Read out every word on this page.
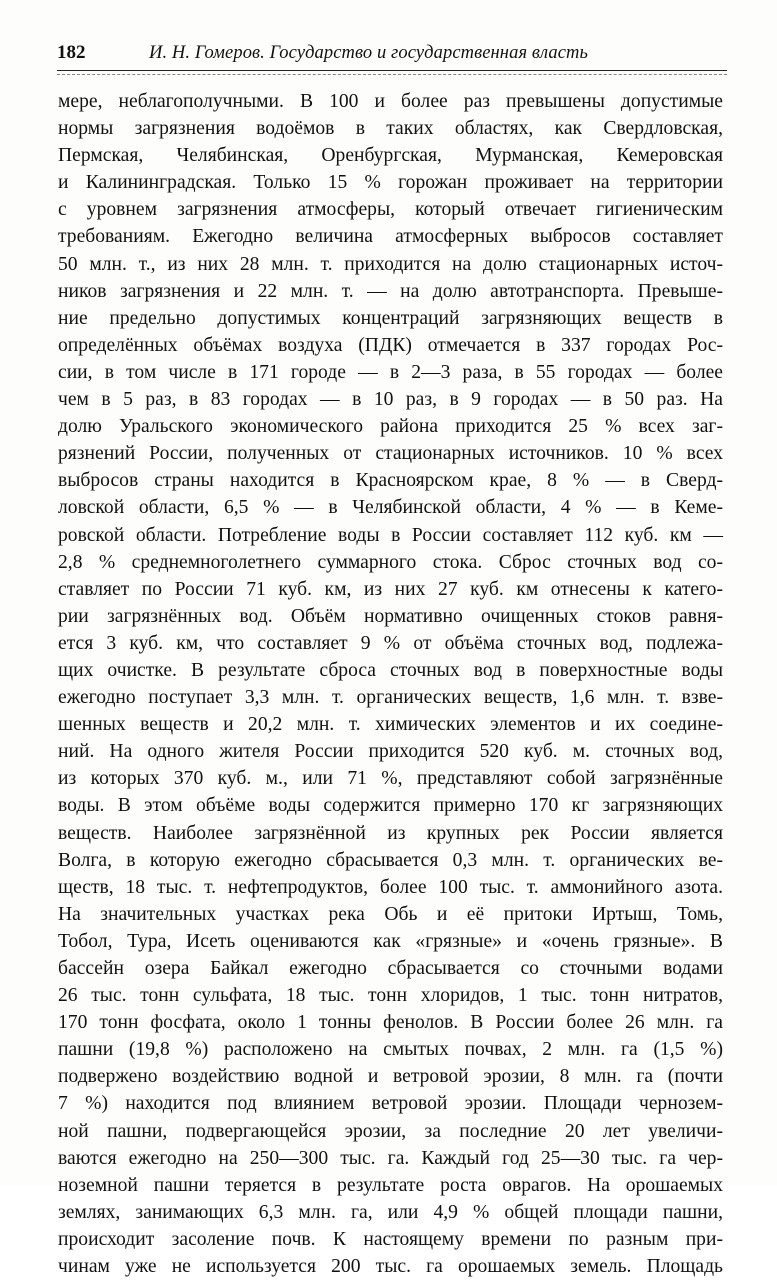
182	И. Н. Гомеров. Государство и государственная власть
мере, неблагополучными. В 100 и более раз превышены допустимые
нормы загрязнения водоёмов в таких областях, как Свердловская,
Пермская, Челябинская, Оренбургская, Мурманская, Кемеровская
и Калининградская. Только 15 % горожан проживает на территории
с уровнем загрязнения атмосферы, который отвечает гигиеническим
требованиям. Ежегодно величина атмосферных выбросов составляет
50 млн. т., из них 28 млн. т. приходится на долю стационарных источ-
ников загрязнения и 22 млн. т. — на долю автотранспорта. Превыше-
ние предельно допустимых концентраций загрязняющих веществ в
определённых объёмах воздуха (ПДК) отмечается в 337 городах Рос-
сии, в том числе в 171 городе — в 2—3 раза, в 55 городах — более
чем в 5 раз, в 83 городах — в 10 раз, в 9 городах — в 50 раз. На
долю Уральского экономического района приходится 25 % всех заг-
рязнений России, полученных от стационарных источников. 10 % всех
выбросов страны находится в Красноярском крае, 8 % — в Сверд-
ловской области, 6,5 % — в Челябинской области, 4 % — в Кеме-
ровской области. Потребление воды в России составляет 112 куб. км —
2,8 % среднемноголетнего суммарного стока. Сброс сточных вод со-
ставляет по России 71 куб. км, из них 27 куб. км отнесены к катего-
рии загрязнённых вод. Объём нормативно очищенных стоков равня-
ется 3 куб. км, что составляет 9 % от объёма сточных вод, подлежа-
щих очистке. В результате сброса сточных вод в поверхностные воды
ежегодно поступает 3,3 млн. т. органических веществ, 1,6 млн. т. взве-
шенных веществ и 20,2 млн. т. химических элементов и их соедине-
ний. На одного жителя России приходится 520 куб. м. сточных вод,
из которых 370 куб. м., или 71 %, представляют собой загрязнённые
воды. В этом объёме воды содержится примерно 170 кг загрязняющих
веществ. Наиболее загрязнённой из крупных рек России является
Волга, в которую ежегодно сбрасывается 0,3 млн. т. органических ве-
ществ, 18 тыс. т. нефтепродуктов, более 100 тыс. т. аммонийного азота.
На значительных участках река Обь и её притоки Иртыш, Томь,
Тобол, Тура, Исеть оцениваются как «грязные» и «очень грязные». В
бассейн озера Байкал ежегодно сбрасывается со сточными водами
26 тыс. тонн сульфата, 18 тыс. тонн хлоридов, 1 тыс. тонн нитратов,
170 тонн фосфата, около 1 тонны фенолов. В России более 26 млн. га
пашни (19,8 %) расположено на смытых почвах, 2 млн. га (1,5 %)
подвержено воздействию водной и ветровой эрозии, 8 млн. га (почти
7 %) находится под влиянием ветровой эрозии. Площади чернозем-
ной пашни, подвергающейся эрозии, за последние 20 лет увеличи-
ваются ежегодно на 250—300 тыс. га. Каждый год 25—30 тыс. га чер-
ноземной пашни теряется в результате роста оврагов. На орошаемых
землях, занимающих 6,3 млн. га, или 4,9 % общей площади пашни,
происходит засоление почв. К настоящему времени по разным при-
чинам уже не используется 200 тыс. га орошаемых земель. Площадь
